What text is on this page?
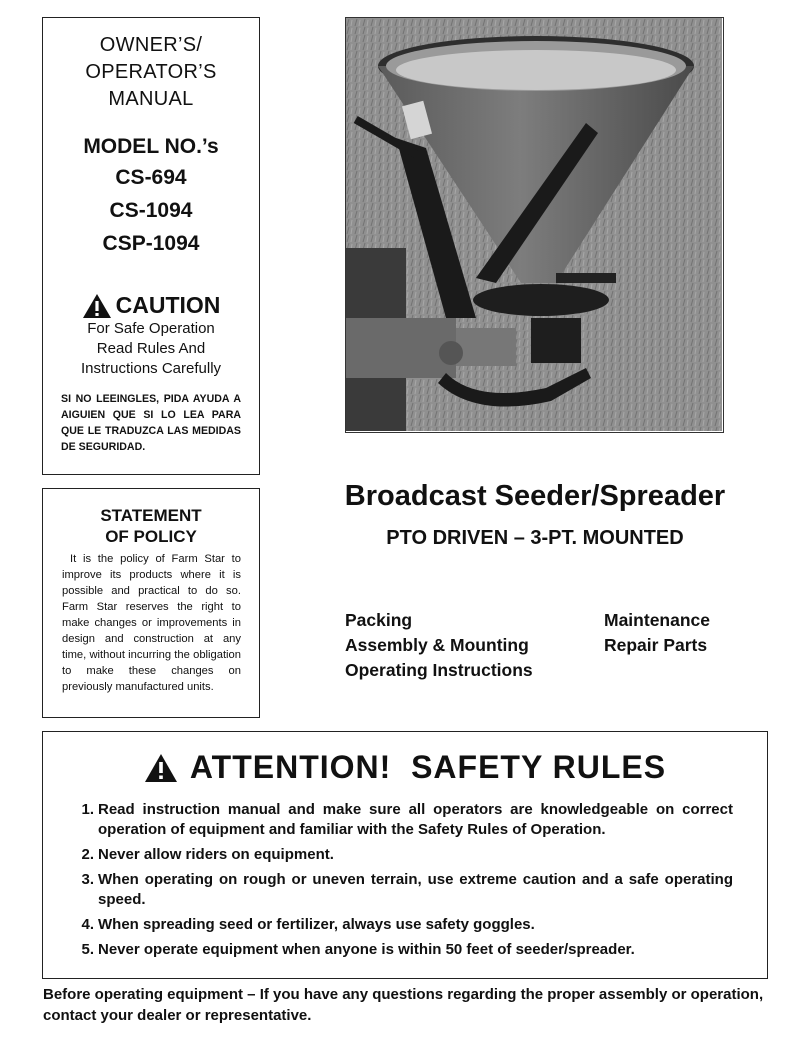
OWNER’S/
OPERATOR’S
MANUAL
MODEL NO.’s
CS-694
CS-1094
CSP-1094
CAUTION
For Safe Operation
Read Rules And
Instructions Carefully
SI NO LEEINGLES, PIDA AYUDA A AIGUIEN QUE SI LO LEA PARA QUE LE TRADUZCA LAS MEDIDAS DE SEGURIDAD.
STATEMENT
OF POLICY
It is the policy of Farm Star to improve its products where it is possible and practical to do so. Farm Star reserves the right to make changes or improvements in design and construction at any time, without incurring the obligation to make these changes on previously manufactured units.
Broadcast Seeder/Spreader
PTO DRIVEN – 3-PT. MOUNTED
Packing
Assembly & Mounting
Operating Instructions
Maintenance
Repair Parts
ATTENTION!  SAFETY RULES
1. Read instruction manual and make sure all operators are knowledgeable on correct operation of equipment and familiar with the Safety Rules of Operation.
2. Never allow riders on equipment.
3. When operating on rough or uneven terrain, use extreme caution and a safe operating speed.
4. When spreading seed or fertilizer, always use safety goggles.
5. Never operate equipment when anyone is within 50 feet of seeder/spreader.
Before operating equipment – If you have any questions regarding the proper assembly or operation, contact your dealer or representative.
